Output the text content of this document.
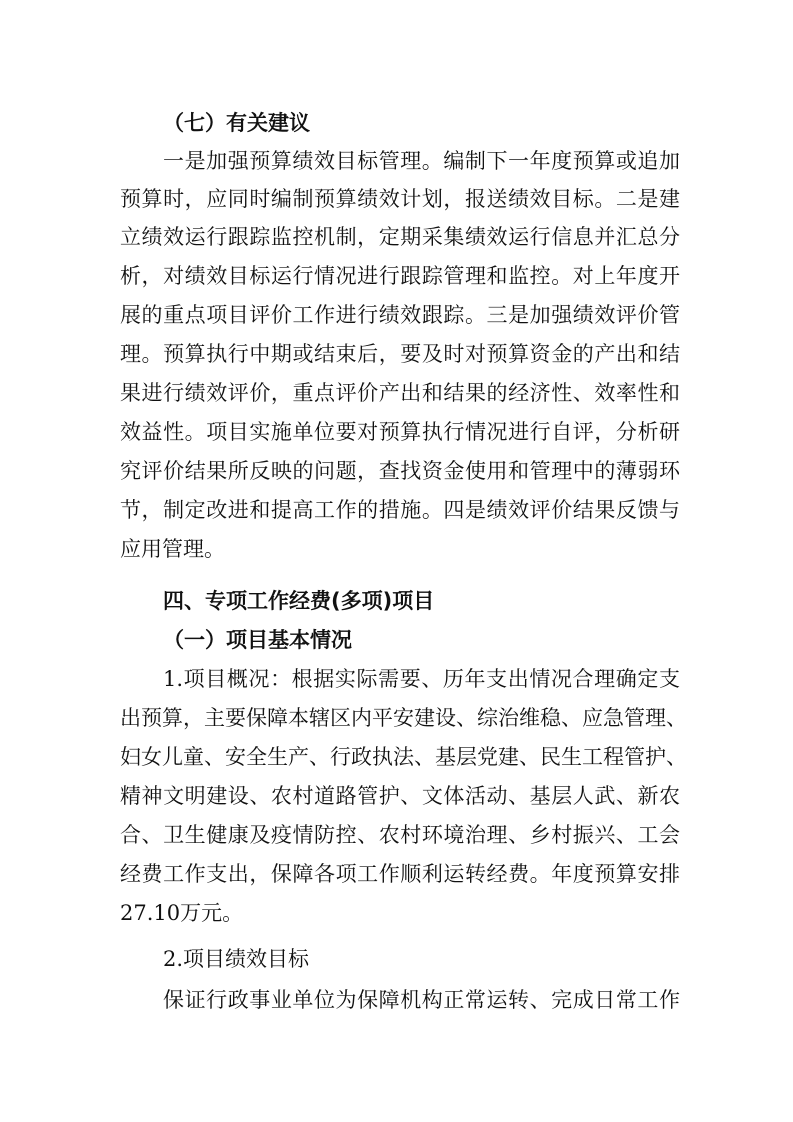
（七）有关建议
一是加强预算绩效目标管理。编制下一年度预算或追加
预算时，应同时编制预算绩效计划，报送绩效目标。二是建
立绩效运行跟踪监控机制，定期采集绩效运行信息并汇总分
析，对绩效目标运行情况进行跟踪管理和监控。对上年度开
展的重点项目评价工作进行绩效跟踪。三是加强绩效评价管
理。预算执行中期或结束后，要及时对预算资金的产出和结
果进行绩效评价，重点评价产出和结果的经济性、效率性和
效益性。项目实施单位要对预算执行情况进行自评，分析研
究评价结果所反映的问题，查找资金使用和管理中的薄弱环
节，制定改进和提高工作的措施。四是绩效评价结果反馈与
应用管理。
四、专项工作经费(多项)项目
（一）项目基本情况
1.项目概况：根据实际需要、历年支出情况合理确定支
出预算，主要保障本辖区内平安建设、综治维稳、应急管理、
妇女儿童、安全生产、行政执法、基层党建、民生工程管护、
精神文明建设、农村道路管护、文体活动、基层人武、新农
合、卫生健康及疫情防控、农村环境治理、乡村振兴、工会
经费工作支出，保障各项工作顺利运转经费。年度预算安排
27.10万元。
2.项目绩效目标
保证行政事业单位为保障机构正常运转、完成日常工作
